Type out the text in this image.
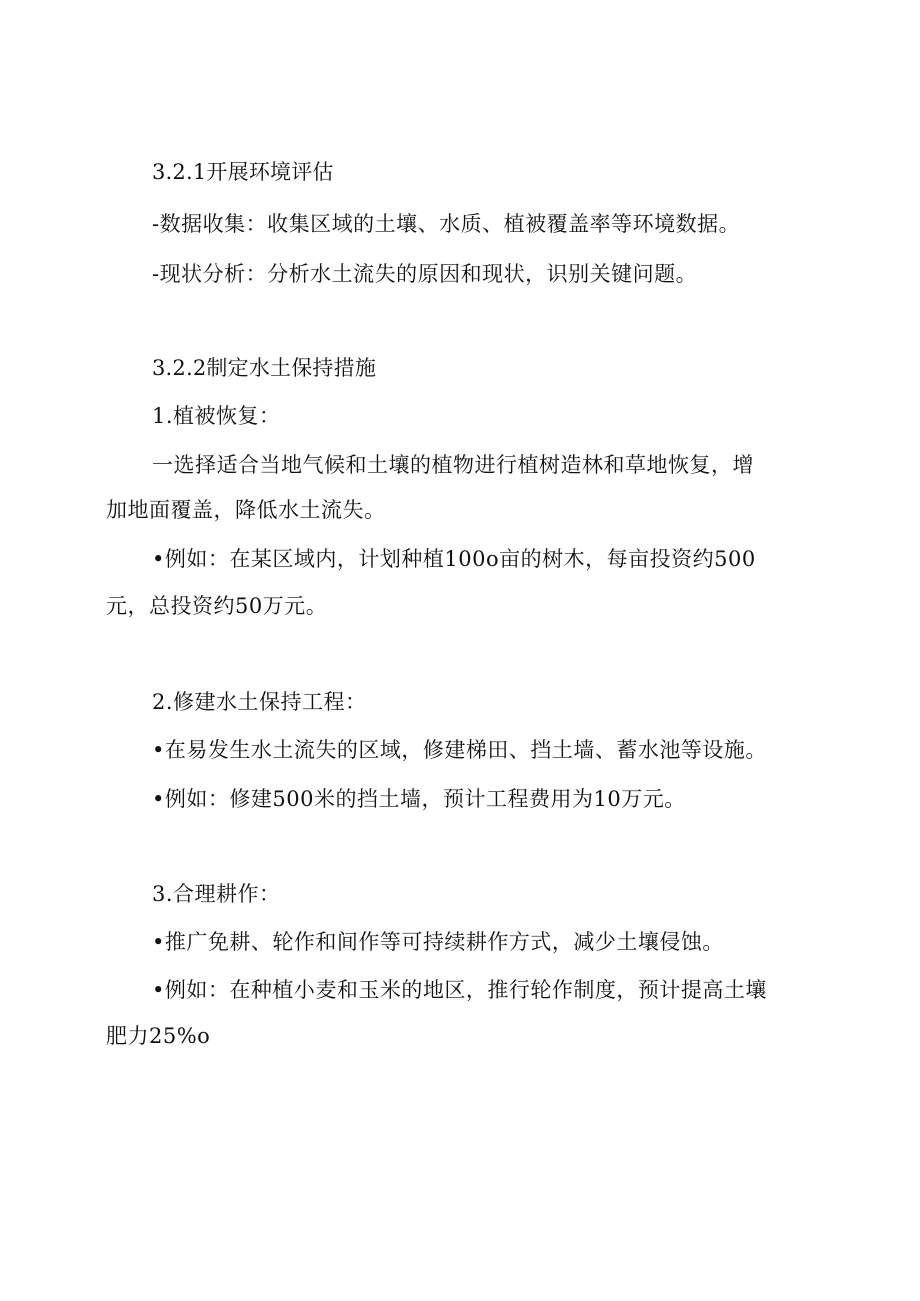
3.2.1开展环境评估
-数据收集：收集区域的土壤、水质、植被覆盖率等环境数据。
-现状分析：分析水土流失的原因和现状，识别关键问题。
3.2.2制定水土保持措施
1.植被恢复：
一选择适合当地气候和土壤的植物进行植树造林和草地恢复，增
加地面覆盖，降低水土流失。
•例如：在某区域内，计划种植100o亩的树木，每亩投资约500
元，总投资约50万元。
2.修建水土保持工程：
•在易发生水土流失的区域，修建梯田、挡土墙、蓄水池等设施。
•例如：修建500米的挡土墙，预计工程费用为10万元。
3.合理耕作：
•推广免耕、轮作和间作等可持续耕作方式，减少土壤侵蚀。
•例如：在种植小麦和玉米的地区，推行轮作制度，预计提高土壤
肥力25%o
